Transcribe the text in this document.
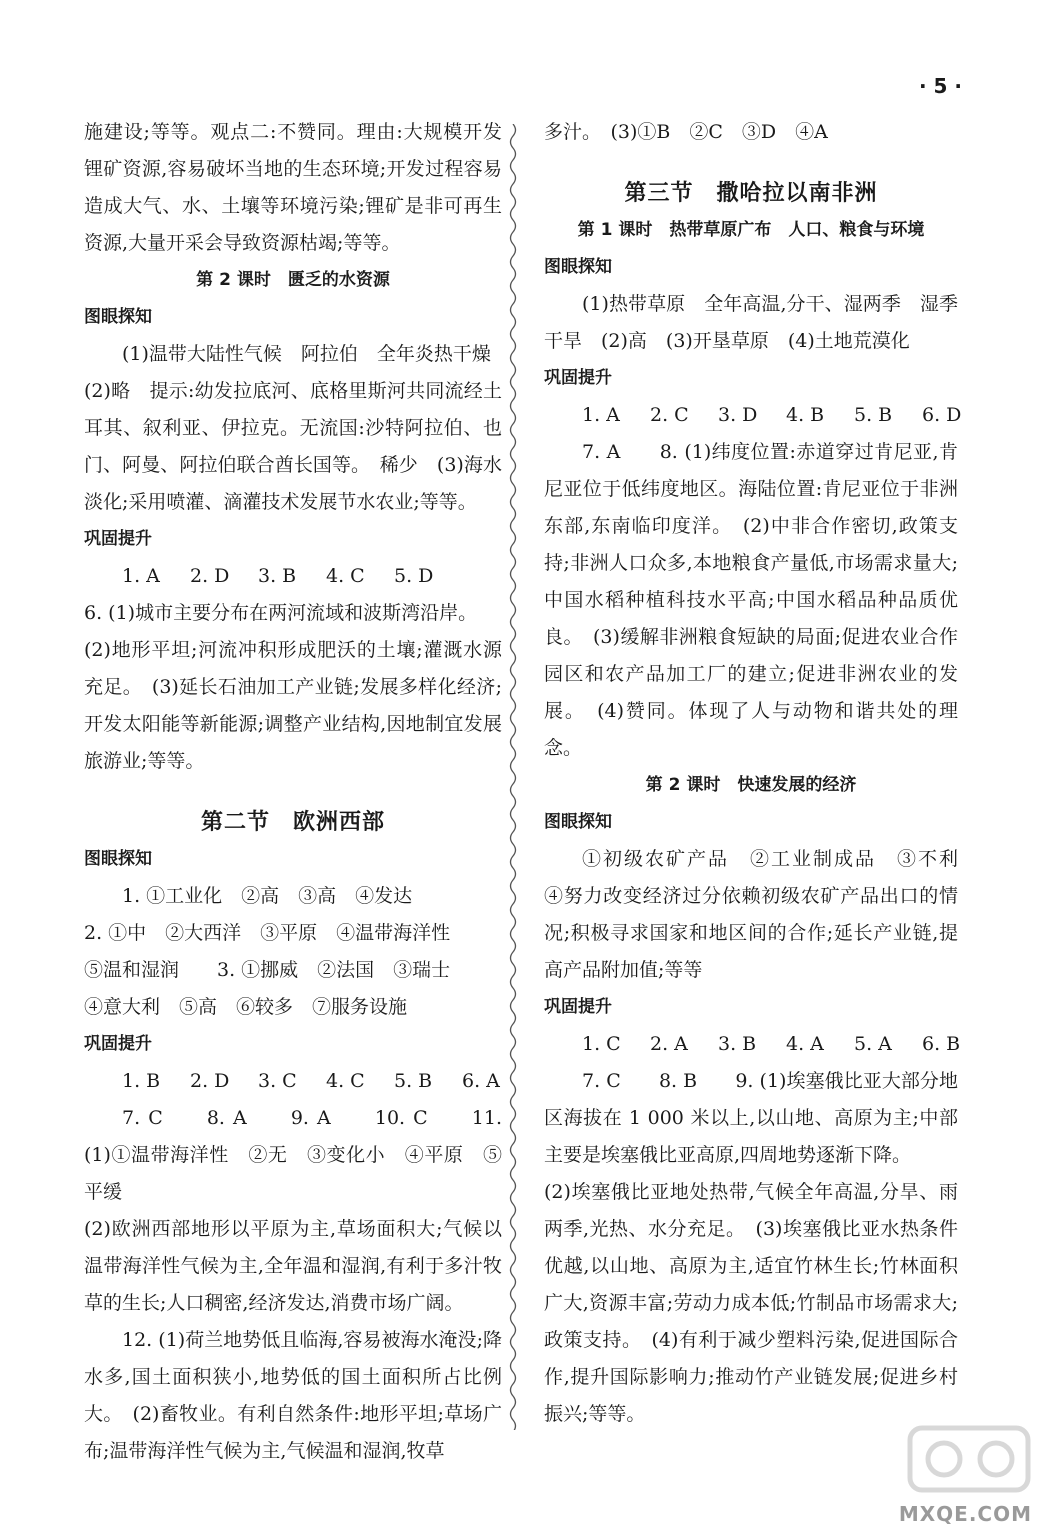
· 5 ·

施建设;等等。观点二:不赞同。理由:大规模开发锂矿资源,容易破坏当地的生态环境;开发过程容易造成大气、水、土壤等环境污染;锂矿是非可再生资源,大量开采会导致资源枯竭;等等。

第 2 课时　匮乏的水资源

图眼探知

(1)温带大陆性气候　阿拉伯　全年炎热干燥

(2)略　提示:幼发拉底河、底格里斯河共同流经土耳其、叙利亚、伊拉克。无流国:沙特阿拉伯、也门、阿曼、阿拉伯联合酋长国等。　稀少　(3)海水淡化;采用喷灌、滴灌技术发展节水农业;等等。

巩固提升

1. A 2. D 3. B 4. C 5. D

6. (1)城市主要分布在两河流域和波斯湾沿岸。

(2)地形平坦;河流冲积形成肥沃的土壤;灌溉水源充足。　(3)延长石油加工产业链;发展多样化经济;开发太阳能等新能源;调整产业结构,因地制宜发展旅游业;等等。

第二节　欧洲西部

图眼探知

1. ①工业化　②高　③高　④发达

2. ①中　②大西洋　③平原　④温带海洋性

⑤温和湿润　　3. ①挪威　②法国　③瑞士

④意大利　⑤高　⑥较多　⑦服务设施

巩固提升

1. B 2. D 3. C 4. C 5. B 6. A

7. C　　8. A　　9. A　　10. C　　11. (1)①温带海洋性　②无　③变化小　④平原　⑤平缓

(2)欧洲西部地形以平原为主,草场面积大;气候以温带海洋性气候为主,全年温和湿润,有利于多汁牧草的生长;人口稠密,经济发达,消费市场广阔。

12. (1)荷兰地势低且临海,容易被海水淹没;降水多,国土面积狭小,地势低的国土面积所占比例大。　(2)畜牧业。有利自然条件:地形平坦;草场广布;温带海洋性气候为主,气候温和湿润,牧草

多汁。　(3)①B　②C　③D　④A

第三节　撒哈拉以南非洲

第 1 课时　热带草原广布　人口、粮食与环境

图眼探知

(1)热带草原　全年高温,分干、湿两季　湿季干旱　(2)高　(3)开垦草原　(4)土地荒漠化

巩固提升

1. A 2. C 3. D 4. B 5. B 6. D

7. A　　8. (1)纬度位置:赤道穿过肯尼亚,肯尼亚位于低纬度地区。海陆位置:肯尼亚位于非洲东部,东南临印度洋。　(2)中非合作密切,政策支持;非洲人口众多,本地粮食产量低,市场需求量大;中国水稻种植科技水平高;中国水稻品种品质优良。　(3)缓解非洲粮食短缺的局面;促进农业合作园区和农产品加工厂的建立;促进非洲农业的发展。　(4)赞同。体现了人与动物和谐共处的理念。

第 2 课时　快速发展的经济

图眼探知

①初级农矿产品　②工业制成品　③不利　④努力改变经济过分依赖初级农矿产品出口的情况;积极寻求国家和地区间的合作;延长产业链,提高产品附加值;等等

巩固提升

1. C 2. A 3. B 4. A 5. A 6. B

7. C　　8. B　　9. (1)埃塞俄比亚大部分地区海拔在 1 000 米以上,以山地、高原为主;中部主要是埃塞俄比亚高原,四周地势逐渐下降。

(2)埃塞俄比亚地处热带,气候全年高温,分旱、雨两季,光热、水分充足。　(3)埃塞俄比亚水热条件优越,以山地、高原为主,适宜竹林生长;竹林面积广大,资源丰富;劳动力成本低;竹制品市场需求大;政策支持。　(4)有利于减少塑料污染,促进国际合作,提升国际影响力;推动竹产业链发展;促进乡村振兴;等等。

MXQE.COM
